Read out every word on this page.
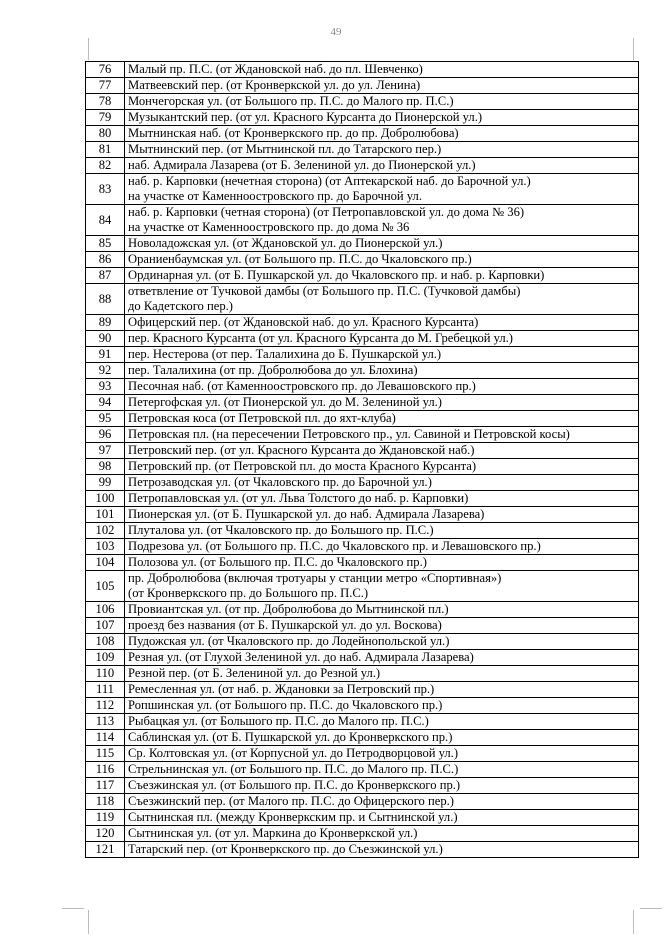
49
76	Малый пр. П.С. (от Ждановской наб. до пл. Шевченко)

77	Матвеевский пер. (от Кронверкской ул. до ул. Ленина)

78	Мончегорская ул. (от Большого пр. П.С. до Малого пр. П.С.)

79	Музыкантский пер. (от ул. Красного Курсанта до Пионерской ул.)

80	Мытнинская наб. (от Кронверкского пр. до пр. Добролюбова)

81	Мытнинский пер. (от Мытнинской пл. до Татарского пер.)

82	наб. Адмирала Лазарева (от Б. Зелениной ул. до Пионерской ул.)

83	наб. р. Карповки (нечетная сторона) (от Аптекарской наб. до Барочной ул.)
на участке от Каменноостровского пр. до Барочной ул.

84	наб. р. Карповки (четная сторона) (от Петропавловской ул. до дома № 36)
на участке от Каменноостровского пр. до дома № 36

85	Новоладожская ул. (от Ждановской ул. до Пионерской ул.)

86	Ораниенбаумская ул. (от Большого пр. П.С. до Чкаловского пр.)

87	Ординарная ул. (от Б. Пушкарской ул. до Чкаловского пр. и наб. р. Карповки)

88	ответвление от Тучковой дамбы (от Большого пр. П.С. (Тучковой дамбы)
до Кадетского пер.)

89	Офицерский пер. (от Ждановской наб. до ул. Красного Курсанта)

90	пер. Красного Курсанта (от ул. Красного Курсанта до М. Гребецкой ул.)

91	пер. Нестерова (от пер. Талалихина до Б. Пушкарской ул.)

92	пер. Талалихина (от пр. Добролюбова до ул. Блохина)

93	Песочная наб. (от Каменноостровского пр. до Левашовского пр.)

94	Петергофская ул. (от Пионерской ул. до М. Зелениной ул.)

95	Петровская коса (от Петровской пл. до яхт-клуба)

96	Петровская пл. (на пересечении Петровского пр., ул. Савиной и Петровской косы)

97	Петровский пер. (от ул. Красного Курсанта до Ждановской наб.)

98	Петровский пр. (от Петровской пл. до моста Красного Курсанта)

99	Петрозаводская ул. (от Чкаловского пр. до Барочной ул.)

100	Петропавловская ул. (от ул. Льва Толстого до наб. р. Карповки)

101	Пионерская ул. (от Б. Пушкарской ул. до наб. Адмирала Лазарева)

102	Плуталова ул. (от Чкаловского пр. до Большого пр. П.С.)

103	Подрезова ул. (от Большого пр. П.С. до Чкаловского пр. и Левашовского пр.)

104	Полозова ул. (от Большого пр. П.С. до Чкаловского пр.)

105	пр. Добролюбова (включая тротуары у станции метро «Спортивная»)
(от Кронверкского пр. до Большого пр. П.С.)

106	Провиантская ул. (от пр. Добролюбова до Мытнинской пл.)

107	проезд без названия (от Б. Пушкарской ул. до ул. Воскова)

108	Пудожская ул. (от Чкаловского пр. до Лодейнопольской ул.)

109	Резная ул. (от Глухой Зелениной ул. до наб. Адмирала Лазарева)

110	Резной пер. (от Б. Зелениной ул. до Резной ул.)

111	Ремесленная ул. (от наб. р. Ждановки за Петровский пр.)

112	Ропшинская ул. (от Большого пр. П.С. до Чкаловского пр.)

113	Рыбацкая ул. (от Большого пр. П.С. до Малого пр. П.С.)

114	Саблинская ул. (от Б. Пушкарской ул. до Кронверкского пр.)

115	Ср. Колтовская ул. (от Корпусной ул. до Петродворцовой ул.)

116	Стрельнинская ул. (от Большого пр. П.С. до Малого пр. П.С.)

117	Съезжинская ул. (от Большого пр. П.С. до Кронверкского пр.)

118	Съезжинский пер. (от Малого пр. П.С. до Офицерского пер.)

119	Сытнинская пл. (между Кронверкским пр. и Сытнинской ул.)

120	Сытнинская ул. (от ул. Маркина до Кронверкской ул.)

121	Татарский пер. (от Кронверкского пр. до Съезжинской ул.)
